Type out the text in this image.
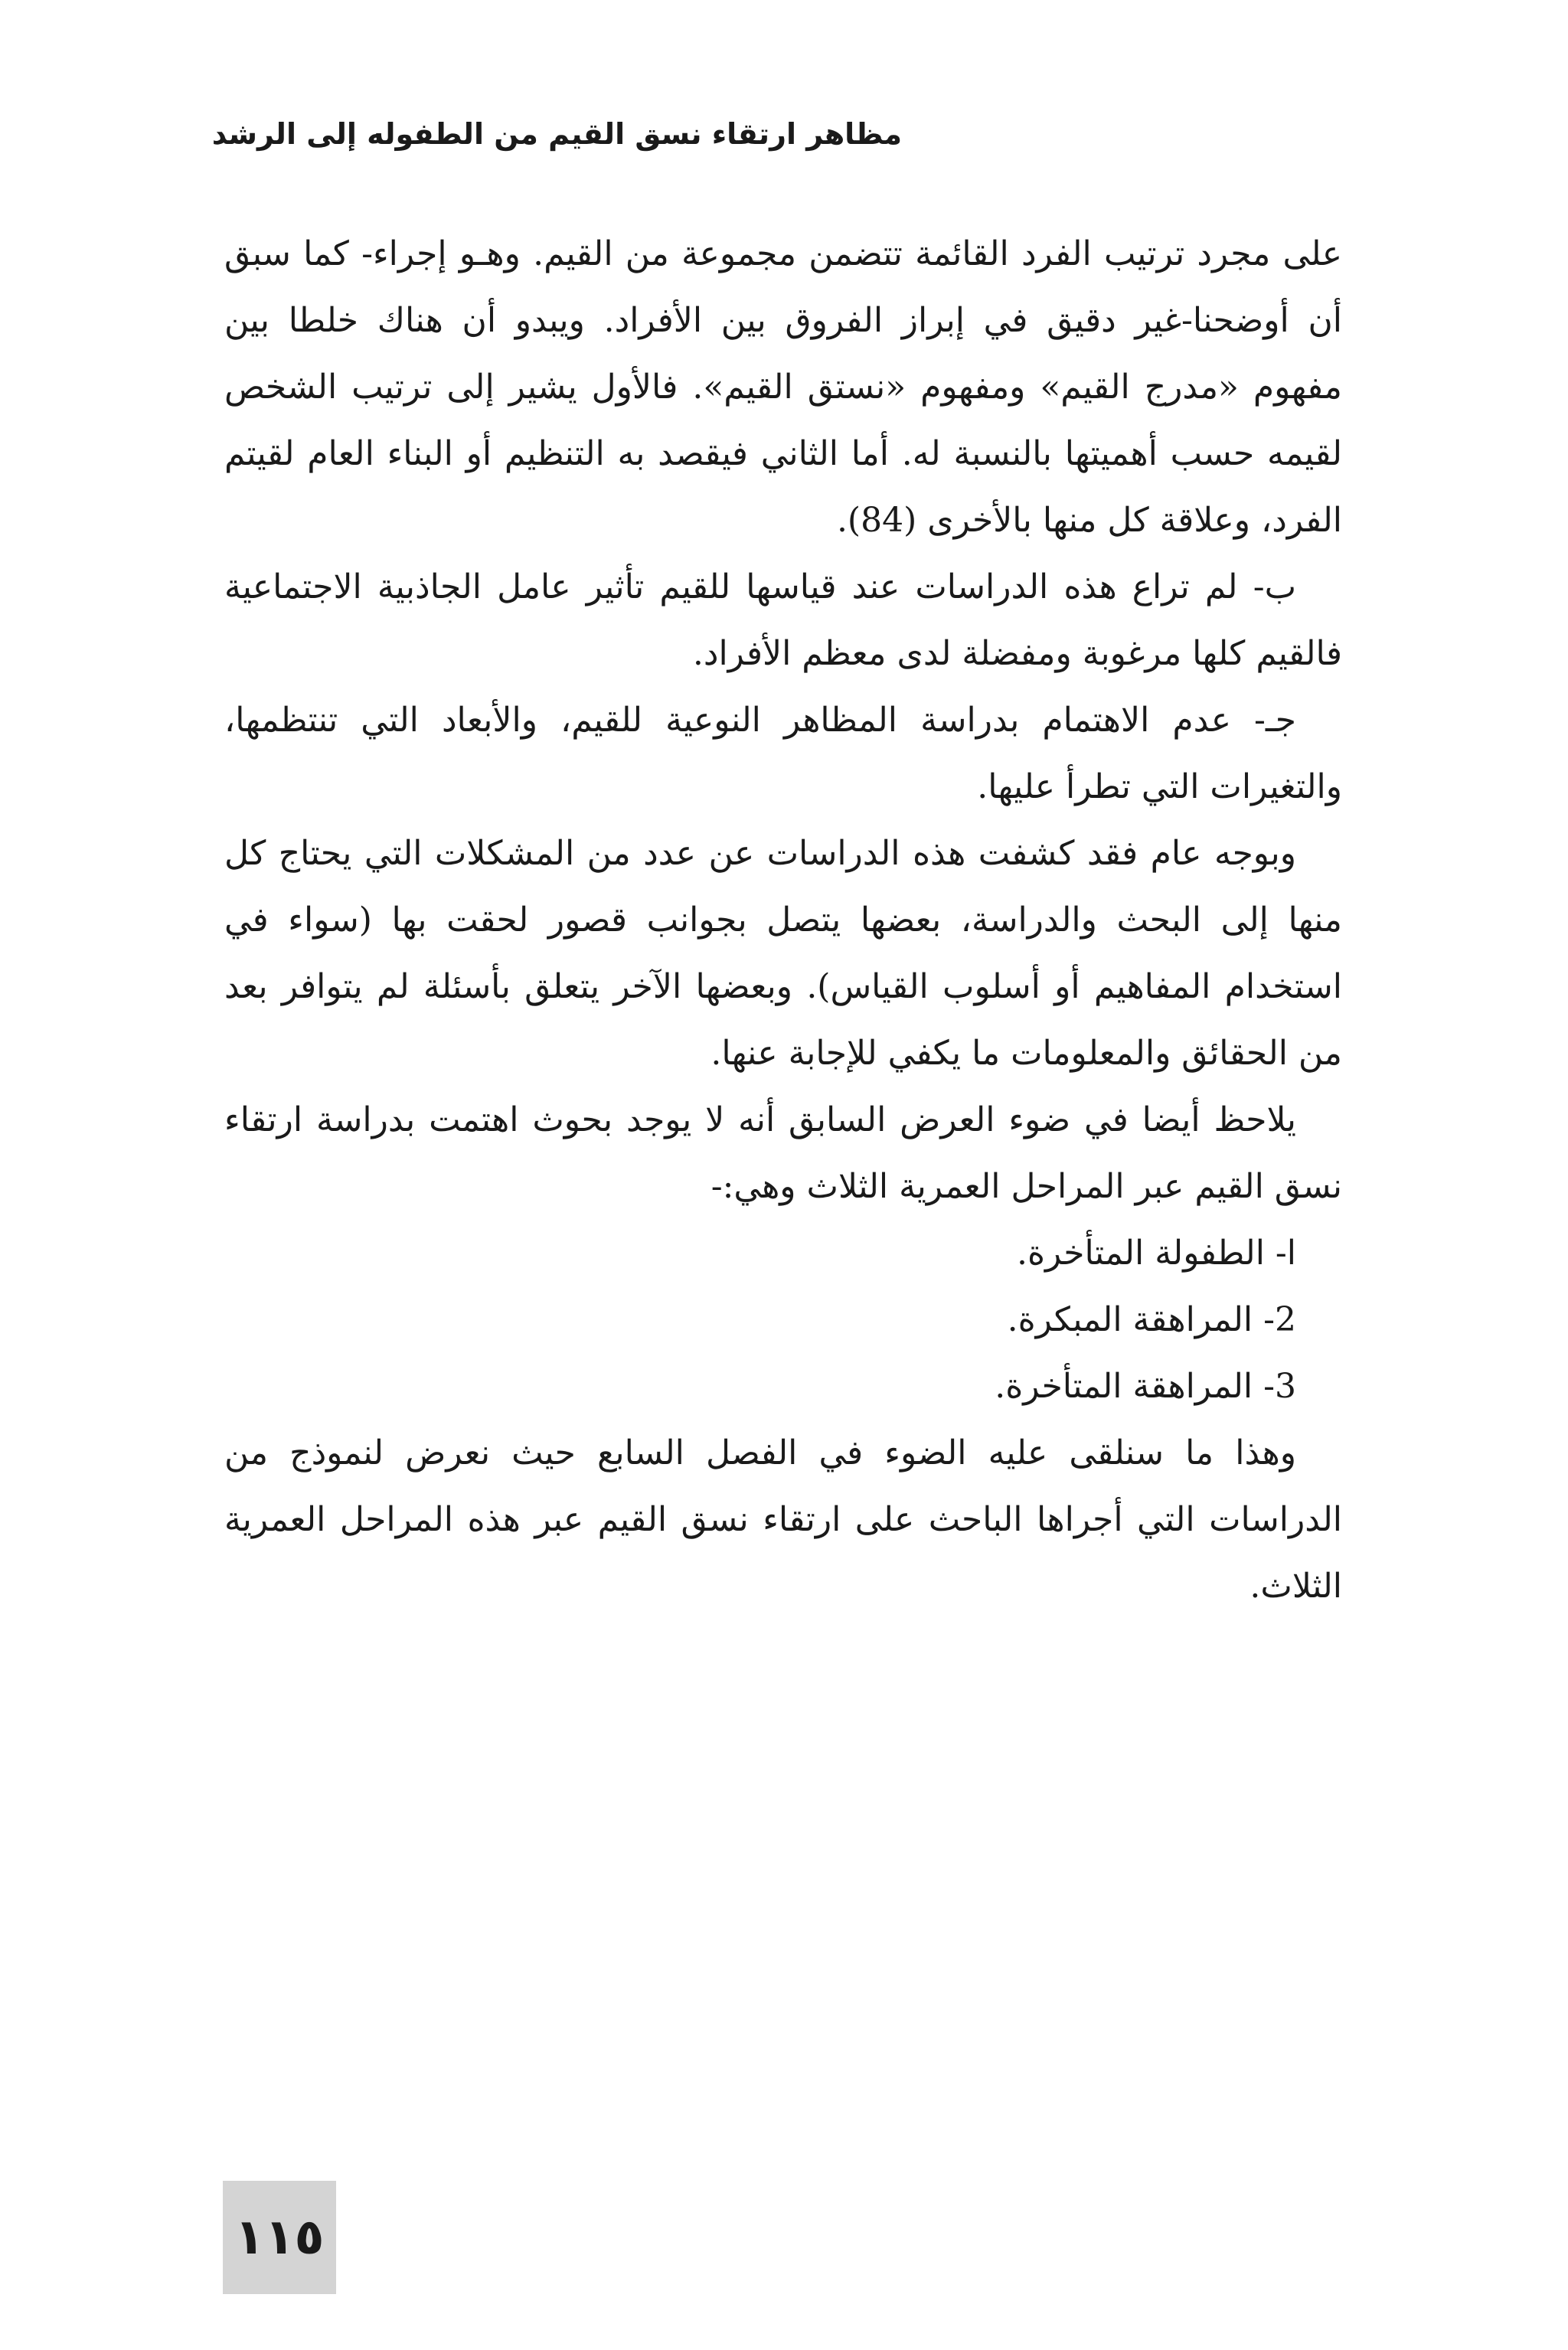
مظاهر ارتقاء نسق القيم من الطفوله إلى الرشد

على مجرد ترتيب الفرد القائمة تتضمن مجموعة من القيم. وهـو إجراء- كما سبق أن أوضحنا-غير دقيق في إبراز الفروق بين الأفراد. ويبدو أن هناك خلطا بين مفهوم «مدرج القيم» ومفهوم «نستق القيم». فالأول يشير إلى ترتيب الشخص لقيمه حسب أهميتها بالنسبة له. أما الثاني فيقصد به التنظيم أو البناء العام لقيتم الفرد، وعلاقة كل منها بالأخرى (84).

ب- لم تراع هذه الدراسات عند قياسها للقيم تأثير عامل الجاذبية الاجتماعية فالقيم كلها مرغوبة ومفضلة لدى معظم الأفراد.

جـ- عدم الاهتمام بدراسة المظاهر النوعية للقيم، والأبعاد التي تنتظمها، والتغيرات التي تطرأ عليها.

وبوجه عام فقد كشفت هذه الدراسات عن عدد من المشكلات التي يحتاج كل منها إلى البحث والدراسة، بعضها يتصل بجوانب قصور لحقت بها (سواء في استخدام المفاهيم أو أسلوب القياس). وبعضها الآخر يتعلق بأسئلة لم يتوافر بعد من الحقائق والمعلومات ما يكفي للإجابة عنها.

يلاحظ أيضا في ضوء العرض السابق أنه لا يوجد بحوث اهتمت بدراسة ارتقاء نسق القيم عبر المراحل العمرية الثلاث وهي:-

ا- الطفولة المتأخرة.
2- المراهقة المبكرة.
3- المراهقة المتأخرة.

وهذا ما سنلقى عليه الضوء في الفصل السابع حيث نعرض لنموذج من الدراسات التي أجراها الباحث على ارتقاء نسق القيم عبر هذه المراحل العمرية الثلاث.

١١٥
